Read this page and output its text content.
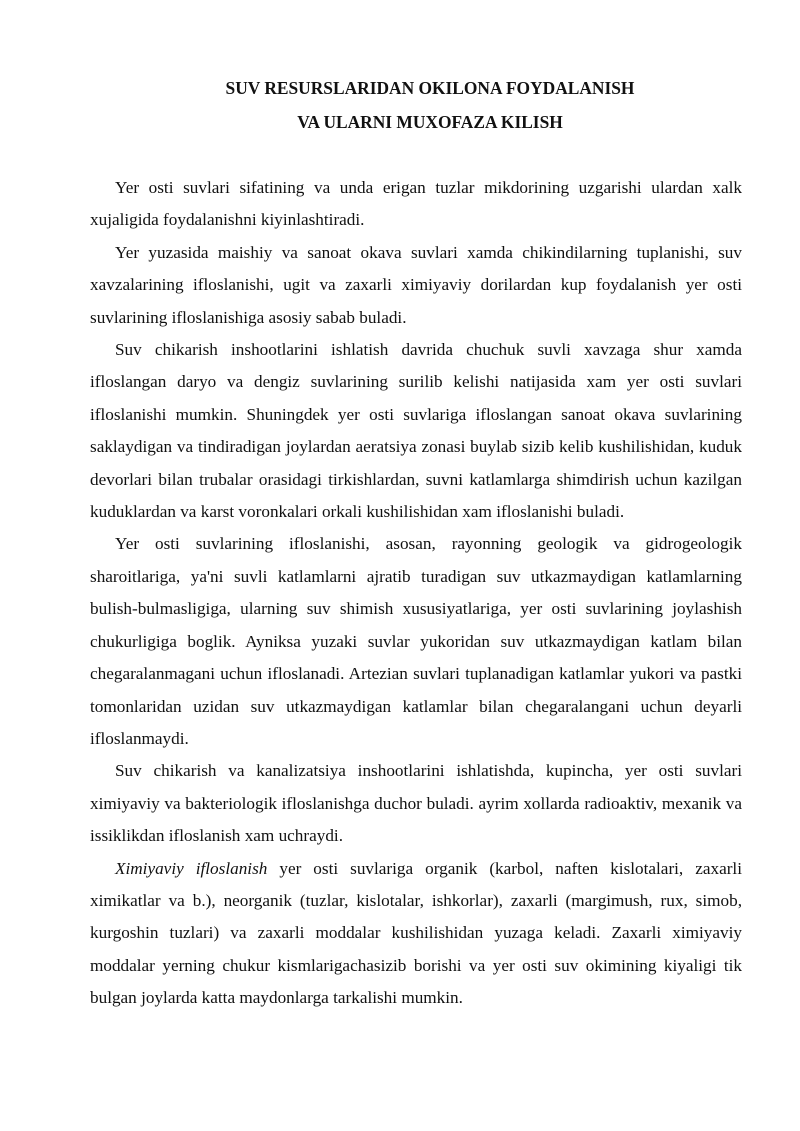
SUV RESURSLARIDAN OKILONA FOYDALANISH
VA ULARNI MUXOFAZA KILISH

Yer osti suvlari sifatining va unda erigan tuzlar mikdorining uzgarishi ulardan xalk xujaligida foydalanishni kiyinlashtiradi.

Yer yuzasida maishiy va sanoat okava suvlari xamda chikindilarning tuplanishi, suv xavzalarining ifloslanishi, ugit va zaxarli ximiyaviy dorilardan kup foydalanish yer osti suvlarining ifloslanishiga asosiy sabab buladi.

Suv chikarish inshootlarini ishlatish davrida chuchuk suvli xavzaga shur xamda ifloslangan daryo va dengiz suvlarining surilib kelishi natijasida xam yer osti suvlari ifloslanishi mumkin. Shuningdek yer osti suvlariga ifloslangan sanoat okava suvlarining saklaydigan va tindiradigan joylardan aeratsiya zonasi buylab sizib kelib kushilishidan, kuduk devorlari bilan trubalar orasidagi tirkishlardan, suvni katlamlarga shimdirish uchun kazilgan kuduklardan va karst voronkalari orkali kushilishidan xam ifloslanishi buladi.

Yer osti suvlarining ifloslanishi, asosan, rayonning geologik va gidrogeologik sharoitlariga, ya'ni suvli katlamlarni ajratib turadigan suv utkazmaydigan katlamlarning bulish-bulmasligiga, ularning suv shimish xususiyatlariga, yer osti suvlarining joylashish chukurligiga boglik. Ayniksa yuzaki suvlar yukoridan suv utkazmaydigan katlam bilan chegaralanmagani uchun ifloslanadi. Artezian suvlari tuplanadigan katlamlar yukori va pastki tomonlaridan uzidan suv utkazmaydigan katlamlar bilan chegaralangani uchun deyarli ifloslanmaydi.

Suv chikarish va kanalizatsiya inshootlarini ishlatishda, kupincha, yer osti suvlari ximiyaviy va bakteriologik ifloslanishga duchor buladi. ayrim xollarda radioaktiv, mexanik va issiklikdan ifloslanish xam uchraydi.

Ximiyaviy ifloslanish yer osti suvlariga organik (karbol, naften kislotalari, zaxarli ximikatlar va b.), neorganik (tuzlar, kislotalar, ishkorlar), zaxarli (margimush, rux, simob, kurgoshin tuzlari) va zaxarli moddalar kushilishidan yuzaga keladi. Zaxarli ximiyaviy moddalar yerning chukur kismlarigachasizib borishi va yer osti suv okimining kiyaligi tik bulgan joylarda katta maydonlarga tarkalishi mumkin.
